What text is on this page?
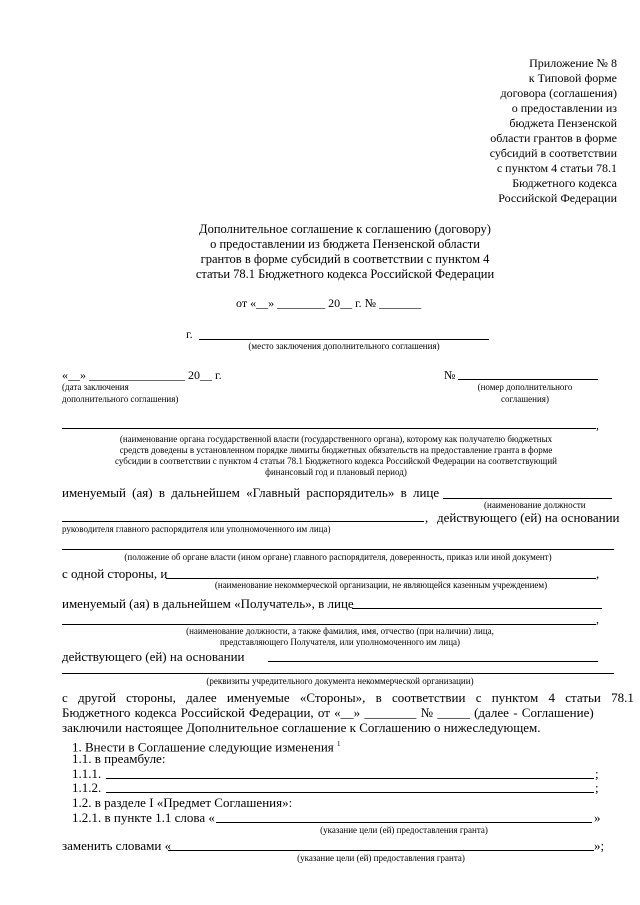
Приложение № 8
к Типовой форме
договора (соглашения)
о предоставлении из
бюджета Пензенской
области грантов в форме
субсидий в соответствии
с пунктом 4 статьи 78.1
Бюджетного кодекса
Российской Федерации
Дополнительное соглашение к соглашению (договору)
о предоставлении из бюджета Пензенской области
грантов в форме субсидий в соответствии с пунктом 4
статьи 78.1 Бюджетного кодекса Российской Федерации
от «__» ________ 20__ г. № _______
г.
(место заключения дополнительного соглашения)
«__» ________________ 20__ г.
(дата заключения
дополнительного соглашения)
№
(номер дополнительного
соглашения)
,
(наименование органа государственной власти (государственного органа), которому как получателю бюджетных
средств доведены в установленном порядке лимиты бюджетных обязательств на предоставление гранта в форме
субсидии в соответствии с пунктом 4 статьи 78.1 Бюджетного кодекса Российской Федерации на соответствующий
финансовый год и плановый период)
именуемый (ая) в дальнейшем «Главный распорядитель» в лице
(наименование должности
, действующего (ей) на основании
руководителя главного распорядителя или уполномоченного им лица)
(положение об органе власти (ином органе) главного распорядителя, доверенность, приказ или иной документ)
с одной стороны, и	,
(наименование некоммерческой организации, не являющейся казенным учреждением)
именуемый (ая) в дальнейшем «Получатель», в лице
,
(наименование должности, а также фамилия, имя, отчество (при наличии) лица,
представляющего Получателя, или уполномоченного им лица)
действующего (ей) на основании
(реквизиты учредительного документа некоммерческой организации)
с другой стороны, далее именуемые «Стороны», в соответствии с пунктом 4 статьи 78.1
Бюджетного кодекса Российской Федерации, от «__» ________ № _____ (далее - Соглашение)
заключили настоящее Дополнительное соглашение к Соглашению о нижеследующем.
1. Внести в Соглашение следующие изменения $^1$
1.1. в преамбуле:
1.1.1.	;
1.1.2.	;
1.2. в разделе I «Предмет Соглашения»:
1.2.1. в пункте 1.1 слова «	»
(указание цели (ей) предоставления гранта)
заменить словами «	»;
(указание цели (ей) предоставления гранта)
